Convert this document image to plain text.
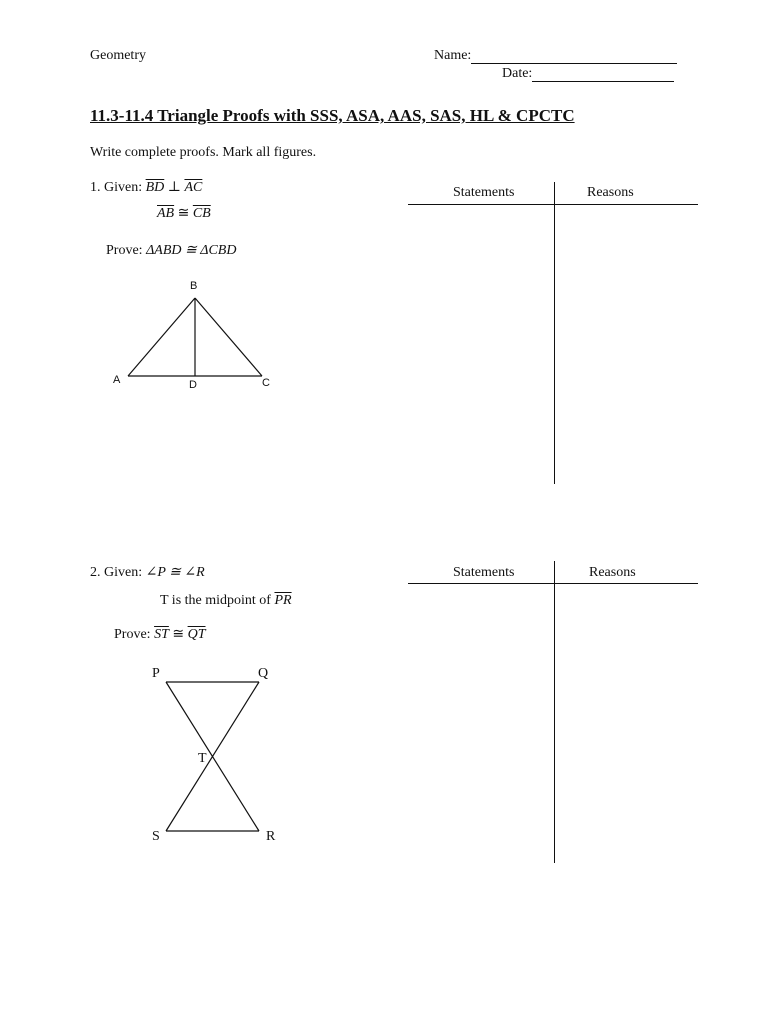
Geometry	Name:
Date:
11.3-11.4 Triangle Proofs with SSS, ASA, AAS, SAS, HL & CPCTC
Write complete proofs. Mark all figures.
1. Given: $\overline{BD}$ ⊥ $\overline{AC}$
$\overline{AB}$ ≅ $\overline{CB}$
Prove: ΔABD ≅ ΔCBD
B
A	D	C
Statements	Reasons
2. Given: ∠P ≅ ∠R
T is the midpoint of $\overline{PR}$
Prove: $\overline{ST}$ ≅ $\overline{QT}$
P	Q
T
S	R
Statements	Reasons
